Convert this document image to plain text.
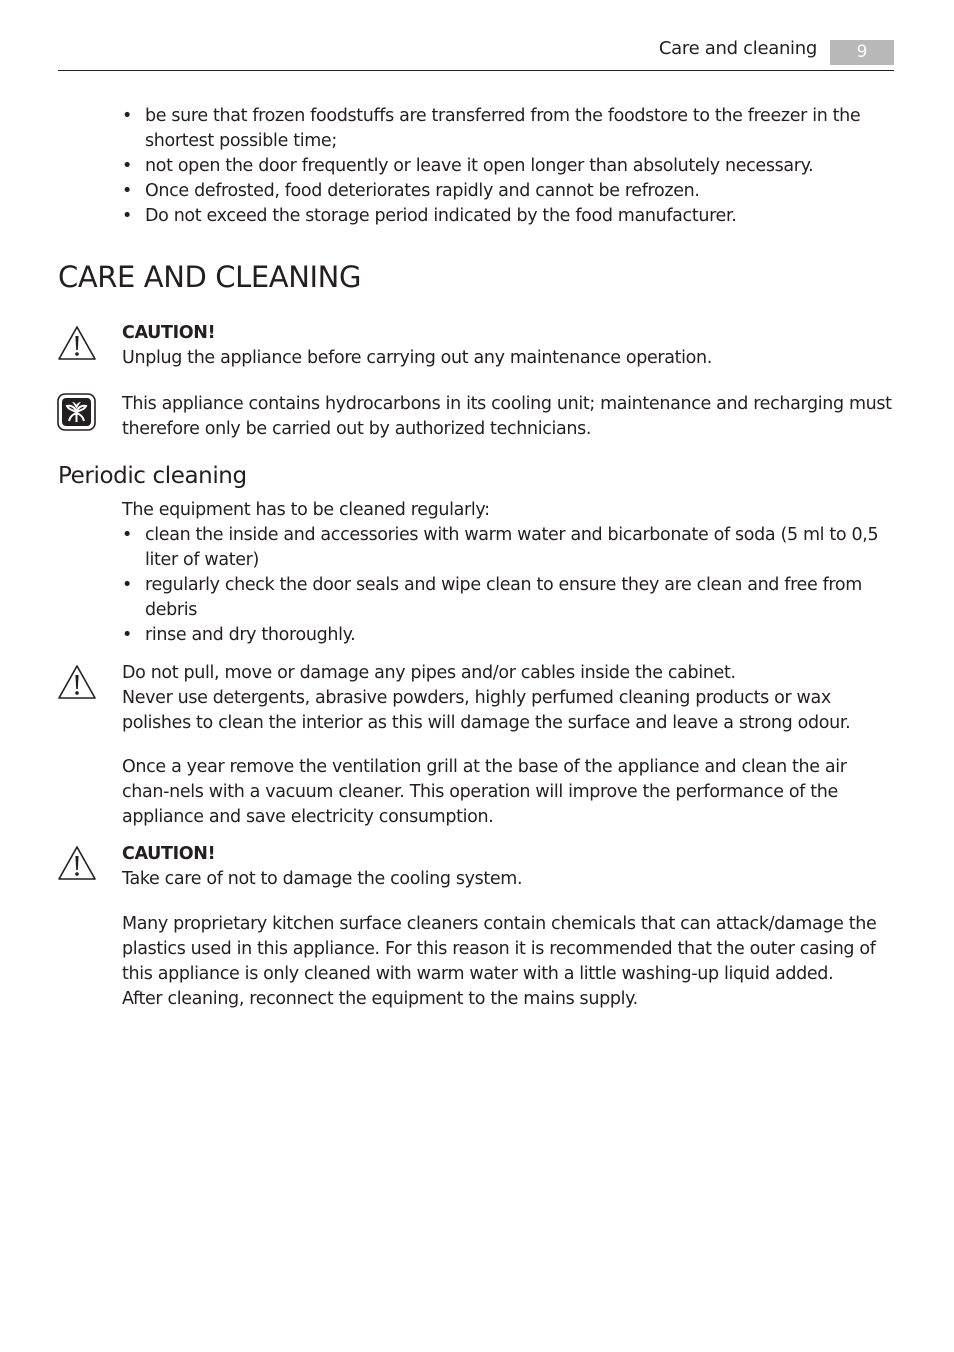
Care and cleaning	9
• be sure that frozen foodstuffs are transferred from the foodstore to the freezer in the shortest possible time;
• not open the door frequently or leave it open longer than absolutely necessary.
• Once defrosted, food deteriorates rapidly and cannot be refrozen.
• Do not exceed the storage period indicated by the food manufacturer.
CARE AND CLEANING
CAUTION!
Unplug the appliance before carrying out any maintenance operation.
This appliance contains hydrocarbons in its cooling unit; maintenance and recharging must therefore only be carried out by authorized technicians.
Periodic cleaning
The equipment has to be cleaned regularly:
• clean the inside and accessories with warm water and bicarbonate of soda (5 ml to 0,5 liter of water)
• regularly check the door seals and wipe clean to ensure they are clean and free from debris
• rinse and dry thoroughly.
Do not pull, move or damage any pipes and/or cables inside the cabinet.
Never use detergents, abrasive powders, highly perfumed cleaning products or wax polishes to clean the interior as this will damage the surface and leave a strong odour.
Once a year remove the ventilation grill at the base of the appliance and clean the air chan-nels with a vacuum cleaner. This operation will improve the performance of the appliance and save electricity consumption.
CAUTION!
Take care of not to damage the cooling system.
Many proprietary kitchen surface cleaners contain chemicals that can attack/damage the plastics used in this appliance. For this reason it is recommended that the outer casing of this appliance is only cleaned with warm water with a little washing-up liquid added.
After cleaning, reconnect the equipment to the mains supply.
